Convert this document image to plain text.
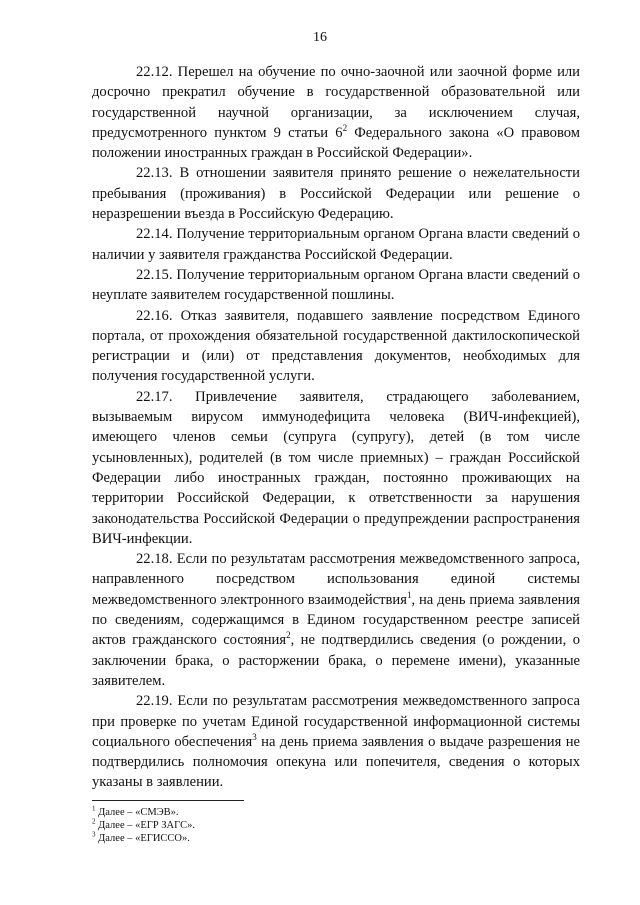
16

22.12. Перешел на обучение по очно-заочной или заочной форме или досрочно прекратил обучение в государственной образовательной или государственной научной организации, за исключением случая, предусмотренного пунктом 9 статьи $6^2$ Федерального закона «О правовом положении иностранных граждан в Российской Федерации».

22.13. В отношении заявителя принято решение о нежелательности пребывания (проживания) в Российской Федерации или решение о неразрешении въезда в Российскую Федерацию.

22.14. Получение территориальным органом Органа власти сведений о наличии у заявителя гражданства Российской Федерации.

22.15. Получение территориальным органом Органа власти сведений о неуплате заявителем государственной пошлины.

22.16. Отказ заявителя, подавшего заявление посредством Единого портала, от прохождения обязательной государственной дактилоскопической регистрации и (или) от представления документов, необходимых для получения государственной услуги.

22.17. Привлечение заявителя, страдающего заболеванием, вызываемым вирусом иммунодефицита человека (ВИЧ-инфекцией), имеющего членов семьи (супруга (супругу), детей (в том числе усыновленных), родителей (в том числе приемных) – граждан Российской Федерации либо иностранных граждан, постоянно проживающих на территории Российской Федерации, к ответственности за нарушения законодательства Российской Федерации о предупреждении распространения ВИЧ-инфекции.

22.18. Если по результатам рассмотрения межведомственного запроса, направленного посредством использования единой системы межведомственного электронного взаимодействия$^1$, на день приема заявления по сведениям, содержащимся в Едином государственном реестре записей актов гражданского состояния$^2$, не подтвердились сведения (о рождении, о заключении брака, о расторжении брака, о перемене имени), указанные заявителем.

22.19. Если по результатам рассмотрения межведомственного запроса при проверке по учетам Единой государственной информационной системы социального обеспечения$^3$ на день приема заявления о выдаче разрешения не подтвердились полномочия опекуна или попечителя, сведения о которых указаны в заявлении.

$^1$ Далее – «СМЭВ».
$^2$ Далее – «ЕГР ЗАГС».
$^3$ Далее – «ЕГИССО».
